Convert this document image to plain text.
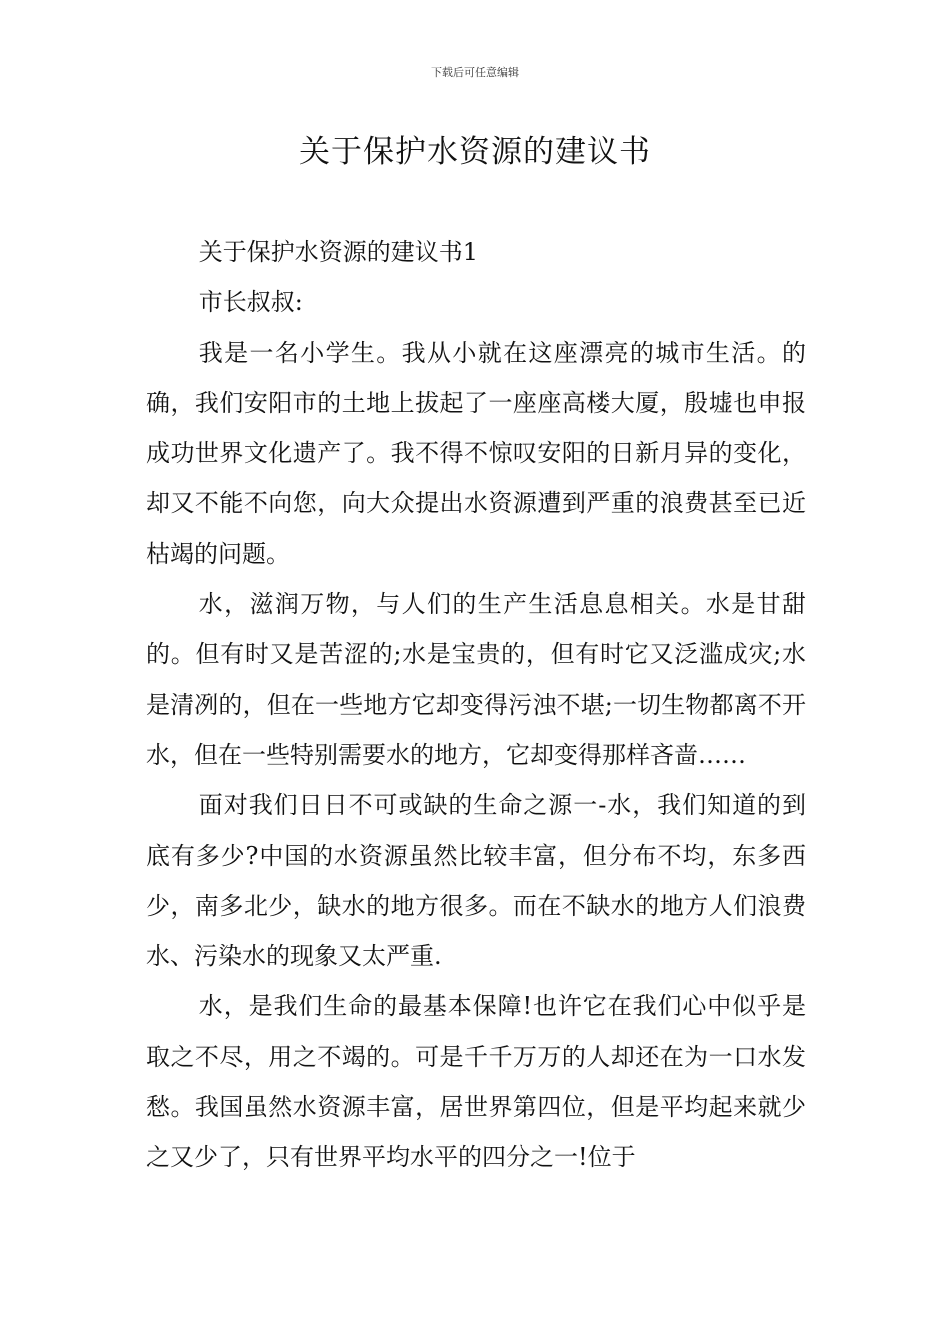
下载后可任意编辑
关于保护水资源的建议书

关于保护水资源的建议书1

市长叔叔:

我是一名小学生。我从小就在这座漂亮的城市生活。的确，我们安阳市的土地上拔起了一座座高楼大厦，殷墟也申报成功世界文化遗产了。我不得不惊叹安阳的日新月异的变化，却又不能不向您，向大众提出水资源遭到严重的浪费甚至已近枯竭的问题。

水，滋润万物，与人们的生产生活息息相关。水是甘甜的。但有时又是苦涩的;水是宝贵的，但有时它又泛滥成灾;水是清冽的，但在一些地方它却变得污浊不堪;一切生物都离不开水，但在一些特别需要水的地方，它却变得那样吝啬……

面对我们日日不可或缺的生命之源一-水，我们知道的到底有多少?中国的水资源虽然比较丰富，但分布不均，东多西少，南多北少，缺水的地方很多。而在不缺水的地方人们浪费水、污染水的现象又太严重.

水，是我们生命的最基本保障!也许它在我们心中似乎是取之不尽，用之不竭的。可是千千万万的人却还在为一口水发愁。我国虽然水资源丰富，居世界第四位，但是平均起来就少之又少了，只有世界平均水平的四分之一!位于
